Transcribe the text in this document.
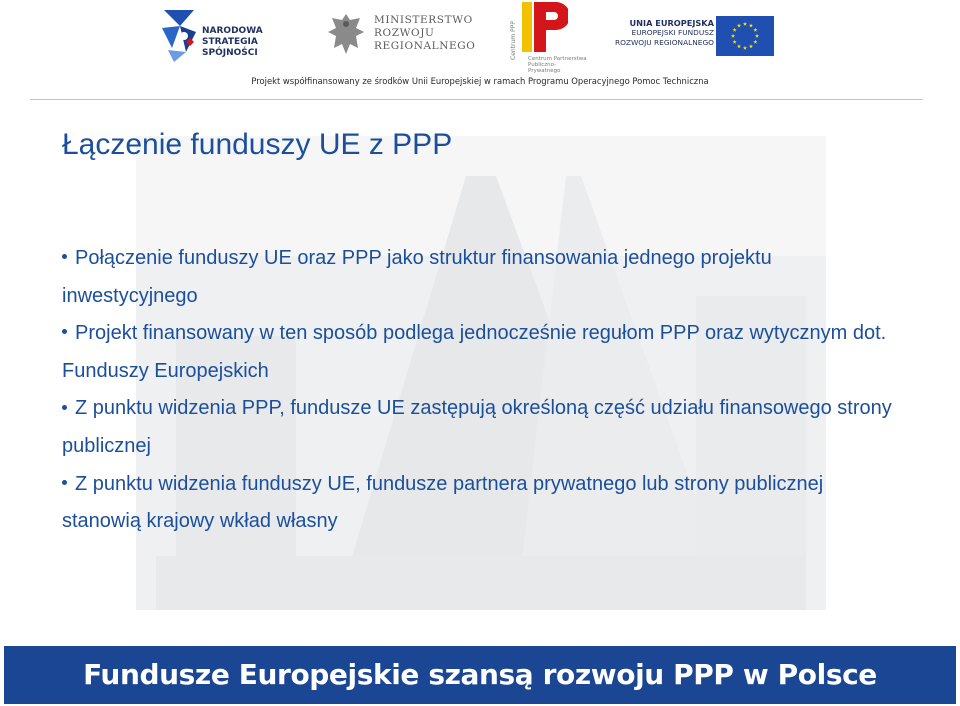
NARODOWA STRATEGIA SPÓJNOŚCI
MINISTERSTWO
ROZWOJU
REGIONALNEGO	Centrum PPP	Centrum Partnerstwa Publiczno-Prywatnego
UNIA EUROPEJSKA
EUROPEJSKI FUNDUSZ
ROZWOJU REGIONALNEGO
Projekt współfinansowany ze środków Unii Europejskiej w ramach Programu Operacyjnego Pomoc Techniczna
Łączenie funduszy UE z PPP
Połączenie funduszy UE oraz PPP jako struktur finansowania jednego projektu inwestycyjnego
Projekt finansowany w ten sposób podlega jednocześnie regułom PPP oraz wytycznym dot. Funduszy Europejskich
Z punktu widzenia PPP, fundusze UE zastępują określoną część udziału finansowego strony publicznej
Z punktu widzenia funduszy UE, fundusze partnera prywatnego lub strony publicznej stanowią krajowy wkład własny
Fundusze Europejskie szansą rozwoju PPP w Polsce
